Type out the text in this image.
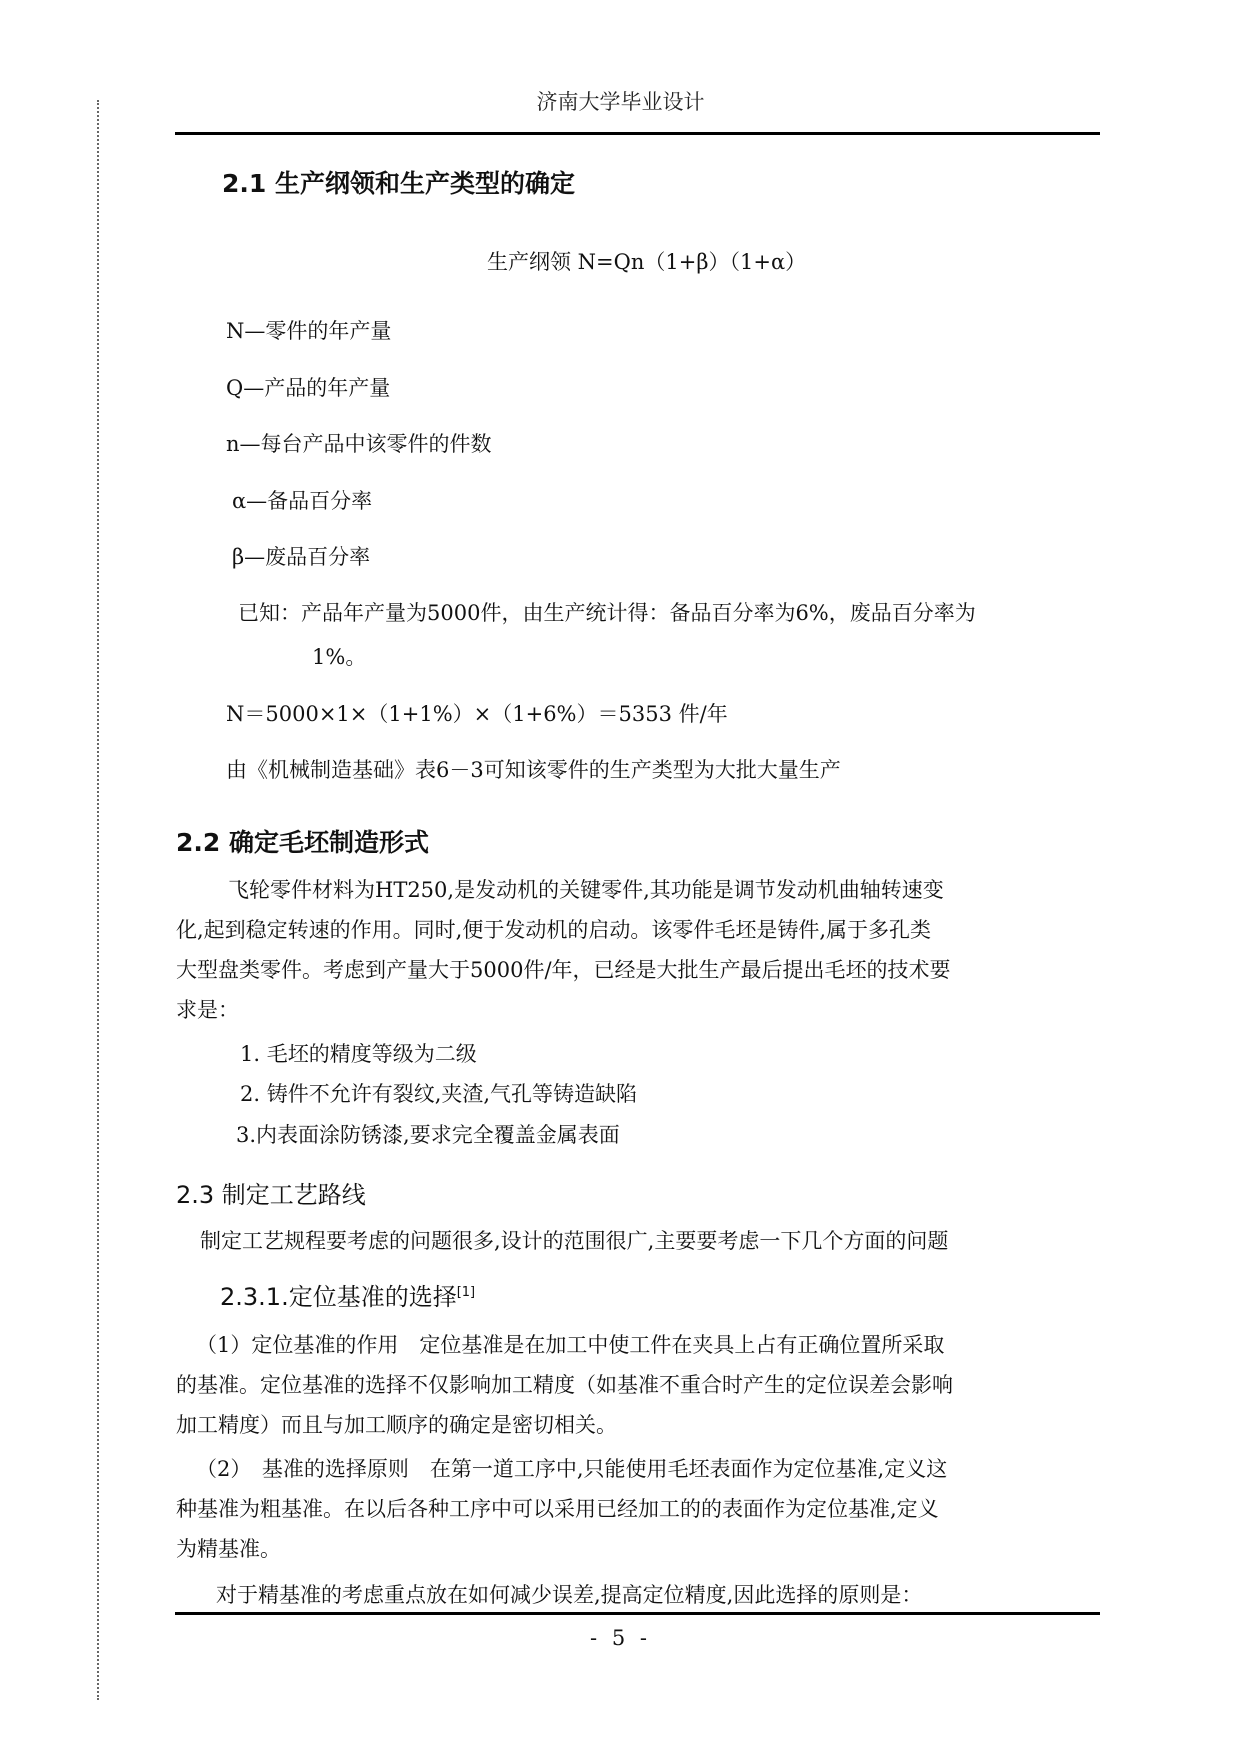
济南大学毕业设计
2.1 生产纲领和生产类型的确定
生产纲领 N=Qn（1+β）（1+α）
N—零件的年产量
Q—产品的年产量
n—每台产品中该零件的件数
α—备品百分率
β—废品百分率
已知：产品年产量为5000件，由生产统计得：备品百分率为6%，废品百分率为
1%。
N＝5000×1×（1+1%）×（1+6%）＝5353 件/年
由《机械制造基础》表6－3可知该零件的生产类型为大批大量生产
2.2 确定毛坯制造形式
飞轮零件材料为HT250,是发动机的关键零件,其功能是调节发动机曲轴转速变
化,起到稳定转速的作用。同时,便于发动机的启动。该零件毛坯是铸件,属于多孔类
大型盘类零件。考虑到产量大于5000件/年，已经是大批生产最后提出毛坯的技术要
求是：
1. 毛坯的精度等级为二级
2. 铸件不允许有裂纹,夹渣,气孔等铸造缺陷
3.内表面涂防锈漆,要求完全覆盖金属表面
2.3 制定工艺路线
制定工艺规程要考虑的问题很多,设计的范围很广,主要要考虑一下几个方面的问题
2.3.1.定位基准的选择[1]
（1）定位基准的作用　定位基准是在加工中使工件在夹具上占有正确位置所采取
的基准。定位基准的选择不仅影响加工精度（如基准不重合时产生的定位误差会影响
加工精度）而且与加工顺序的确定是密切相关。
（2）　基准的选择原则　在第一道工序中,只能使用毛坯表面作为定位基准,定义这
种基准为粗基准。在以后各种工序中可以采用已经加工的的表面作为定位基准,定义
为精基准。
对于精基准的考虑重点放在如何减少误差,提高定位精度,因此选择的原则是：
- 5 -
